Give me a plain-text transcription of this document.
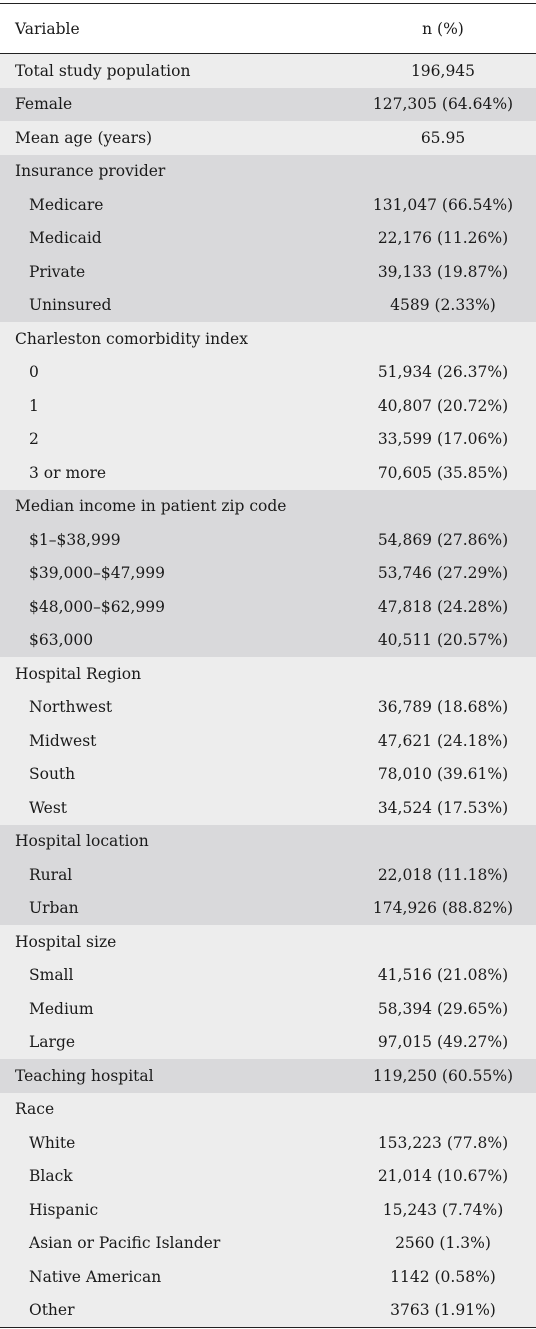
Variable	n (%)
Total study population	196,945
Female	127,305 (64.64%)
Mean age (years)	65.95
Insurance provider
Medicare	131,047 (66.54%)
Medicaid	22,176 (11.26%)
Private	39,133 (19.87%)
Uninsured	4589 (2.33%)
Charleston comorbidity index
0	51,934 (26.37%)
1	40,807 (20.72%)
2	33,599 (17.06%)
3 or more	70,605 (35.85%)
Median income in patient zip code
$1–$38,999	54,869 (27.86%)
$39,000–$47,999	53,746 (27.29%)
$48,000–$62,999	47,818 (24.28%)
$63,000	40,511 (20.57%)
Hospital Region
Northwest	36,789 (18.68%)
Midwest	47,621 (24.18%)
South	78,010 (39.61%)
West	34,524 (17.53%)
Hospital location
Rural	22,018 (11.18%)
Urban	174,926 (88.82%)
Hospital size
Small	41,516 (21.08%)
Medium	58,394 (29.65%)
Large	97,015 (49.27%)
Teaching hospital	119,250 (60.55%)
Race
White	153,223 (77.8%)
Black	21,014 (10.67%)
Hispanic	15,243 (7.74%)
Asian or Pacific Islander	2560 (1.3%)
Native American	1142 (0.58%)
Other	3763 (1.91%)
